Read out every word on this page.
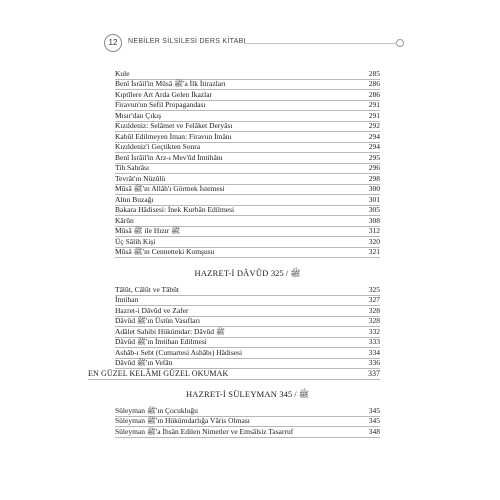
12	NEBİLER SİLSİLESİ DERS KİTABI
Kule	285
Benî İsrâil'in Mûsâ ﷺ'a İlk İtirazları	286
Kıptîlere Art Arda Gelen İkazlar	286
Firavun'un Sefil Propagandası	291
Mısır'dan Çıkış	291
Kızıldeniz: Selâmet ve Felâket Deryâsı	292
Kabûl Edilmeyen İman: Firavun İmânı	294
Kızıldeniz'i Geçtikten Sonra	294
Benî İsrâil'in Arz-ı Mev'ûd İmtihânı	295
Tih Sahrâsı	296
Tevrât'ın Nüzûlü	298
Mûsâ ﷺ'ın Allâh'ı Görmek İstemesi	300
Altın Buzağı	301
Bakara Hâdisesi: İnek Kurbân Edilmesi	305
Kârûn	308
Mûsâ ﷺ ile Hızır ﷺ	312
Üç Sâlih Kişi	320
Mûsâ ﷺ'ın Cennetteki Komşusu	321
HAZRET-İ DÂVÛD ﷺ / 325
Tâlût, Câlût ve Tâbût	325
İmtihan	327
Hazret-i Dâvûd ve Zafer	328
Dâvûd ﷺ'ın Üstün Vasıfları	328
Adâlet Sahibi Hükümdar: Dâvûd ﷺ	332
Dâvûd ﷺ'ın İmtihan Edilmesi	333
Ashâb-ı Sebt (Cumartesi Ashâbı) Hâdisesi	334
Dâvûd ﷺ'ın Vefâtı	336
EN GÜZEL KELÂMI GÜZEL OKUMAK	337
HAZRET-İ SÜLEYMAN ﷺ / 345
Süleyman ﷺ'ın Çocukluğu	345
Süleyman ﷺ'ın Hükümdarlığa Vâris Olması	345
Süleyman ﷺ'a İhsân Edilen Nimetler ve Emsâlsiz Tasarruf	348
